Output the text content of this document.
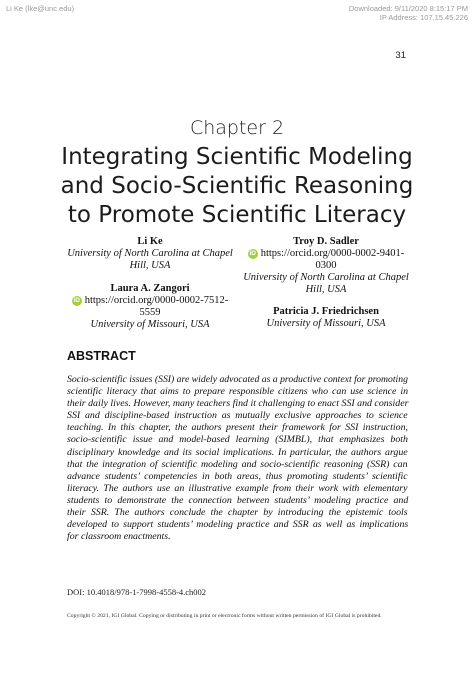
Li Ke (lke@unc.edu)	Downloaded: 9/11/2020 8:15:17 PM
IP Address: 107.15.45.226
31
Chapter 2
Integrating Scientific Modeling
and Socio-Scientific Reasoning
to Promote Scientific Literacy
Li Ke
University of North Carolina at Chapel
Hill, USA
Laura A. Zangori
iD https://orcid.org/0000-0002-7512-
5559
University of Missouri, USA
Troy D. Sadler
iD https://orcid.org/0000-0002-9401-
0300
University of North Carolina at Chapel
Hill, USA
Patricia J. Friedrichsen
University of Missouri, USA
ABSTRACT
Socio-scientific issues (SSI) are widely advocated as a productive context for promoting
scientific literacy that aims to prepare responsible citizens who can use science in
their daily lives. However, many teachers find it challenging to enact SSI and consider
SSI and discipline-based instruction as mutually exclusive approaches to science
teaching. In this chapter, the authors present their framework for SSI instruction,
socio-scientific issue and model-based learning (SIMBL), that emphasizes both
disciplinary knowledge and its social implications. In particular, the authors argue
that the integration of scientific modeling and socio-scientific reasoning (SSR) can
advance students’ competencies in both areas, thus promoting students’ scientific
literacy. The authors use an illustrative example from their work with elementary
students to demonstrate the connection between students’ modeling practice and
their SSR. The authors conclude the chapter by introducing the epistemic tools
developed to support students’ modeling practice and SSR as well as implications
for classroom enactments.
DOI: 10.4018/978-1-7998-4558-4.ch002
Copyright © 2021, IGI Global. Copying or distributing in print or electronic forms without written permission of IGI Global is prohibited.
